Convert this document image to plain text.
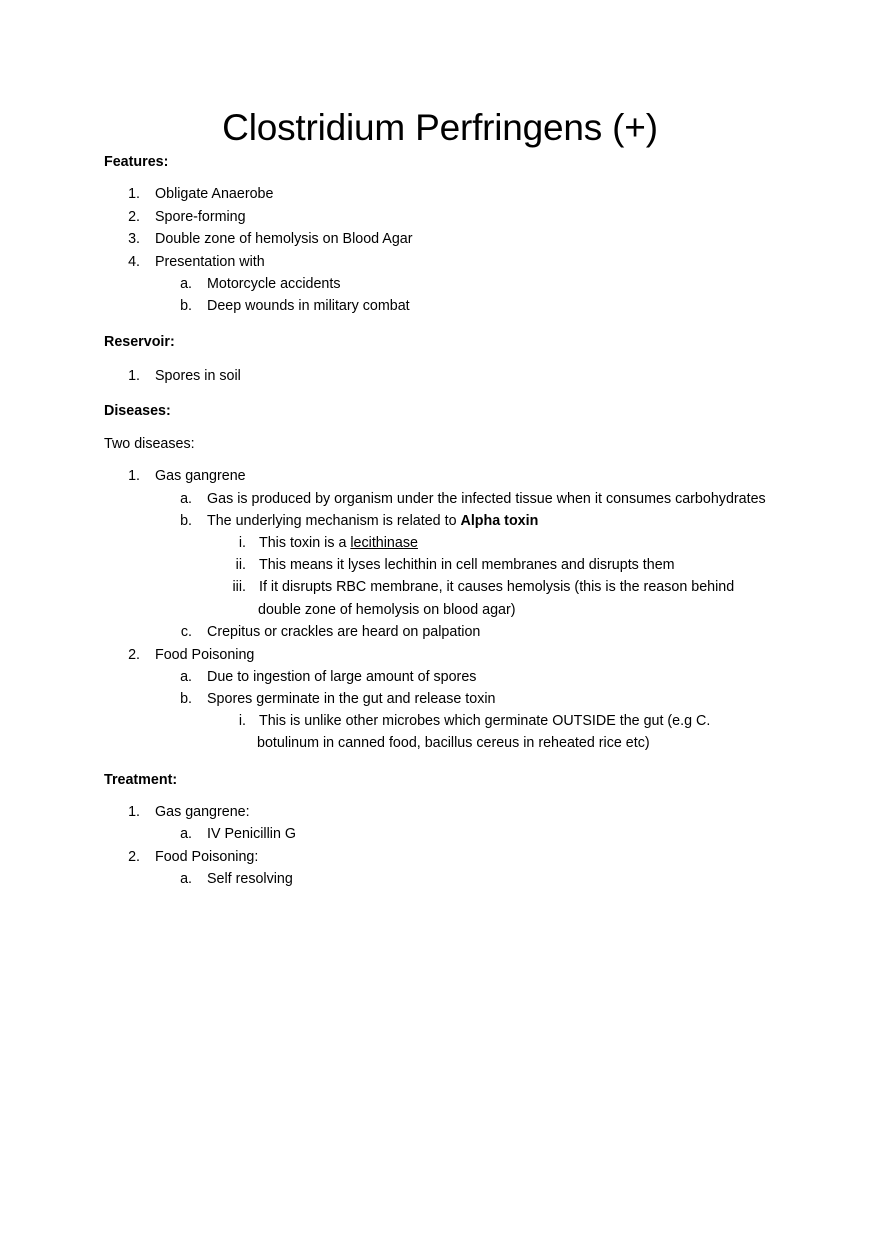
Clostridium Perfringens (+)
Features:
1. Obligate Anaerobe
2. Spore-forming
3. Double zone of hemolysis on Blood Agar
4. Presentation with
a. Motorcycle accidents
b. Deep wounds in military combat
Reservoir:
1. Spores in soil
Diseases:
Two diseases:
1. Gas gangrene
a. Gas is produced by organism under the infected tissue when it consumes carbohydrates
b. The underlying mechanism is related to Alpha toxin
i. This toxin is a lecithinase
ii. This means it lyses lechithin in cell membranes and disrupts them
iii. If it disrupts RBC membrane, it causes hemolysis (this is the reason behind
double zone of hemolysis on blood agar)
c. Crepitus or crackles are heard on palpation
2. Food Poisoning
a. Due to ingestion of large amount of spores
b. Spores germinate in the gut and release toxin
i. This is unlike other microbes which germinate OUTSIDE the gut (e.g C.
botulinum in canned food, bacillus cereus in reheated rice etc)
Treatment:
1. Gas gangrene:
a. IV Penicillin G
2. Food Poisoning:
a. Self resolving
